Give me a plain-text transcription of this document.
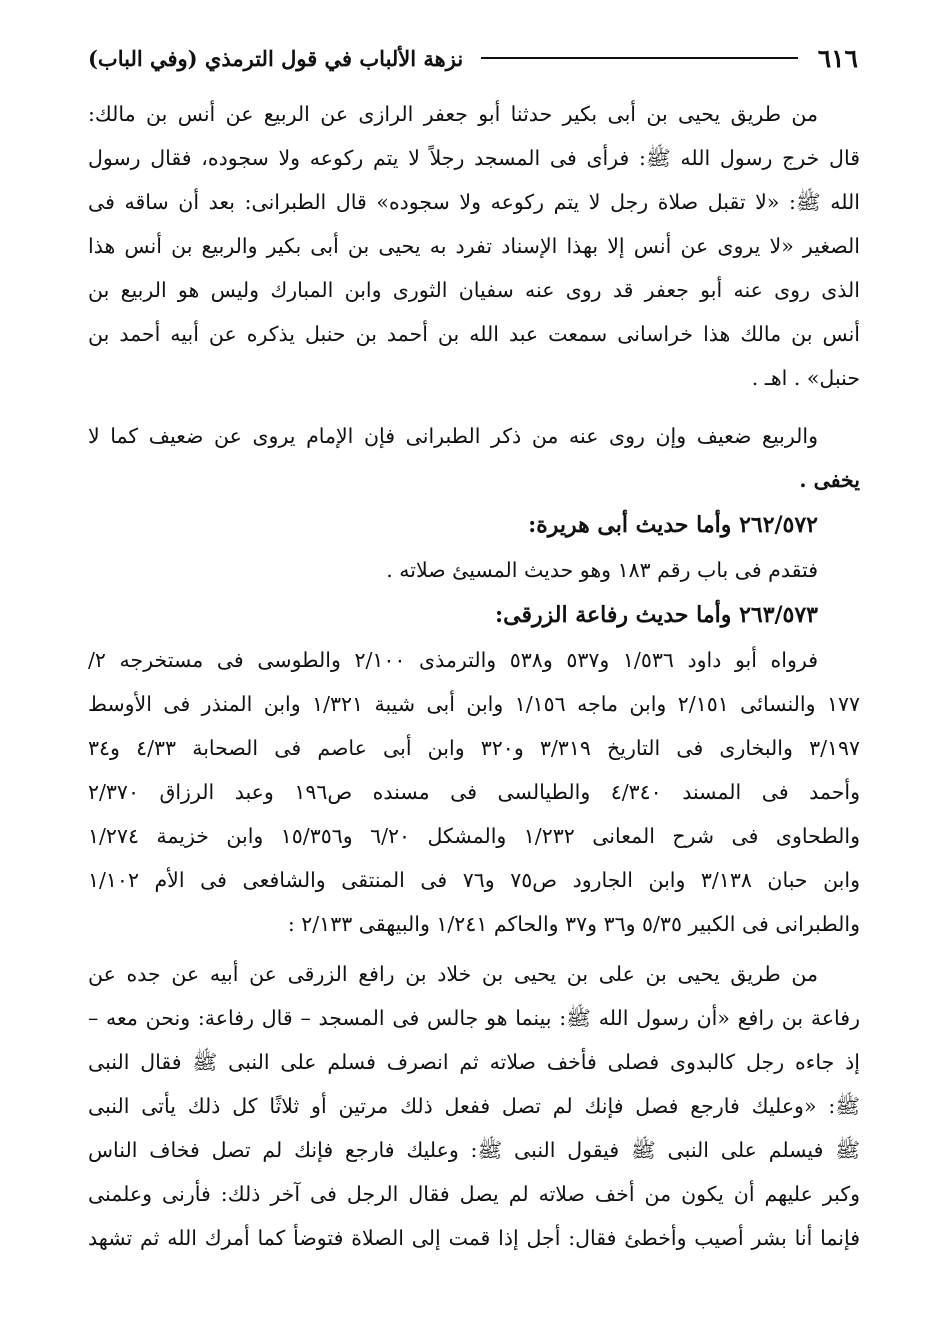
٦١٦
نزهة الألباب في قول الترمذي (وفي الباب)
من طريق يحيى بن أبى بكير حدثنا أبو جعفر الرازى عن الربيع عن أنس بن مالك:
قال خرج رسول الله ﷺ: فرأى فى المسجد رجلاً لا يتم ركوعه ولا سجوده، فقال رسول
الله ﷺ: «لا تقبل صلاة رجل لا يتم ركوعه ولا سجوده» قال الطبرانى: بعد أن ساقه فى
الصغير «لا يروى عن أنس إلا بهذا الإسناد تفرد به يحيى بن أبى بكير والربيع بن أنس هذا
الذى روى عنه أبو جعفر قد روى عنه سفيان الثورى وابن المبارك وليس هو الربيع بن
أنس بن مالك هذا خراسانى سمعت عبد الله بن أحمد بن حنبل يذكره عن أبيه أحمد بن
حنبل» . اهـ .
والربيع ضعيف وإن روى عنه من ذكر الطبرانى فإن الإمام يروى عن ضعيف كما لا
يخفى .
٢٦٢/٥٧٢ وأما حديث أبى هريرة:
فتقدم فى باب رقم ١٨٣ وهو حديث المسيئ صلاته .
٢٦٣/٥٧٣ وأما حديث رفاعة الزرقى:
فرواه أبو داود ١/٥٣٦ و٥٣٧ و٥٣٨ والترمذى ٢/١٠٠ والطوسى فى مستخرجه ٢/
١٧٧ والنسائى ٢/١٥١ وابن ماجه ١/١٥٦ وابن أبى شيبة ١/٣٢١ وابن المنذر فى الأوسط
٣/١٩٧ والبخارى فى التاريخ ٣/٣١٩ و٣٢٠ وابن أبى عاصم فى الصحابة ٤/٣٣ و٣٤
وأحمد فى المسند ٤/٣٤٠ والطيالسى فى مسنده ص١٩٦ وعبد الرزاق ٢/٣٧٠
والطحاوى فى شرح المعانى ١/٢٣٢ والمشكل ٦/٢٠ و١٥/٣٥٦ وابن خزيمة ١/٢٧٤
وابن حبان ٣/١٣٨ وابن الجارود ص٧٥ و٧٦ فى المنتقى والشافعى فى الأم ١/١٠٢
والطبرانى فى الكبير ٥/٣٥ و٣٦ و٣٧ والحاكم ١/٢٤١ والبيهقى ٢/١٣٣ :
من طريق يحيى بن على بن يحيى بن خلاد بن رافع الزرقى عن أبيه عن جده عن
رفاعة بن رافع «أن رسول الله ﷺ: بينما هو جالس فى المسجد – قال رفاعة: ونحن معه –
إذ جاءه رجل كالبدوى فصلى فأخف صلاته ثم انصرف فسلم على النبى ﷺ فقال النبى
ﷺ: «وعليك فارجع فصل فإنك لم تصل ففعل ذلك مرتين أو ثلاثًا كل ذلك يأتى النبى
ﷺ فيسلم على النبى ﷺ فيقول النبى ﷺ: وعليك فارجع فإنك لم تصل فخاف الناس
وكبر عليهم أن يكون من أخف صلاته لم يصل فقال الرجل فى آخر ذلك: فأرنى وعلمنى
فإنما أنا بشر أصيب وأخطئ فقال: أجل إذا قمت إلى الصلاة فتوضأ كما أمرك الله ثم تشهد
